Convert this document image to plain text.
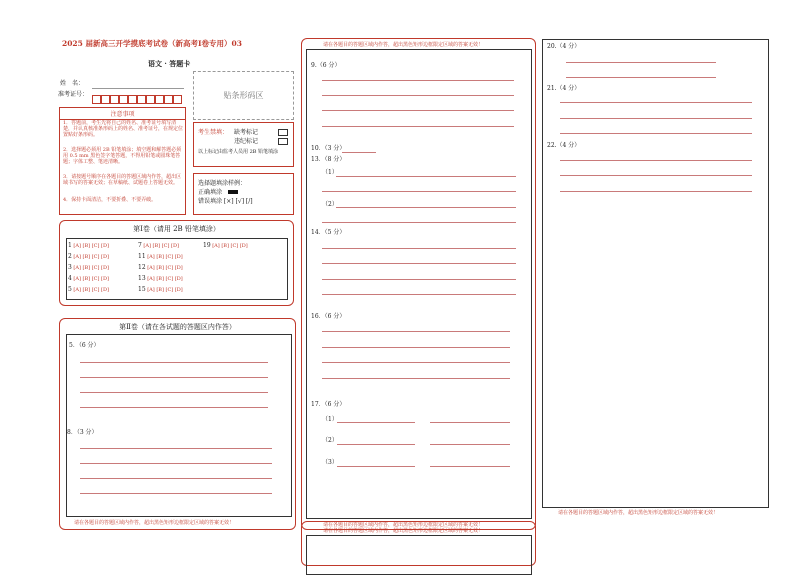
2025 届新高三开学摸底考试卷（新高考Ⅰ卷专用）03
语文 · 答题卡
姓　名：
准考证号：	贴条形码区
注意事项
1．答题前，考生先将自己的姓名、准考证号填写清楚，并认真核准条形码上的姓名、准考证号，在规定位置贴好条形码。
2．选择题必须用 2B 铅笔填涂；填空题和解答题必须用 0.5 mm 黑色签字笔答题，不得用铅笔或圆珠笔答题；字体工整、笔迹清晰。
3．请按题号顺序在各题目的答题区域内作答，超出区域书写的答案无效；在草稿纸、试题卷上答题无效。
4．保持卡面清洁，不要折叠、不要弄破。
考生禁填： 缺考标记
违纪标记
以上标记由监考人员用 2B 铅笔填涂
选择题填涂样例：
正确填涂
错误填涂 [×] [√] [/]
第Ⅰ卷（请用 2B 铅笔填涂）
1 [A] [B] [C] [D]
2 [A] [B] [C] [D]
3 [A] [B] [C] [D]
4 [A] [B] [C] [D]
5 [A] [B] [C] [D]
7 [A] [B] [C] [D]
11 [A] [B] [C] [D]
12 [A] [B] [C] [D]
13 [A] [B] [C] [D]
15 [A] [B] [C] [D]
19 [A] [B] [C] [D]
第Ⅱ卷（请在各试题的答题区内作答）
请在各题目的答题区域内作答，超出黑色矩形边框限定区域的答案无效！
5．（6 分）
8．（3 分）
请在各题目的答题区域内作答，超出黑色矩形边框限定区域的答案无效！
请在各题目的答题区域内作答，超出黑色矩形边框限定区域的答案无效！
9.（6 分）
10．（3 分）
13．（8 分）
（1）
（2）
14．（5 分）
16．（6 分）
17．（6 分）
（1）
（2）
（3）
请在各题目的答题区域内作答，超出黑色矩形边框限定区域的答案无效！
20.（4 分）
21.（4 分）
22.（4 分）
请在各题目的答题区域内作答，超出黑色矩形边框限定区域的答案无效！
